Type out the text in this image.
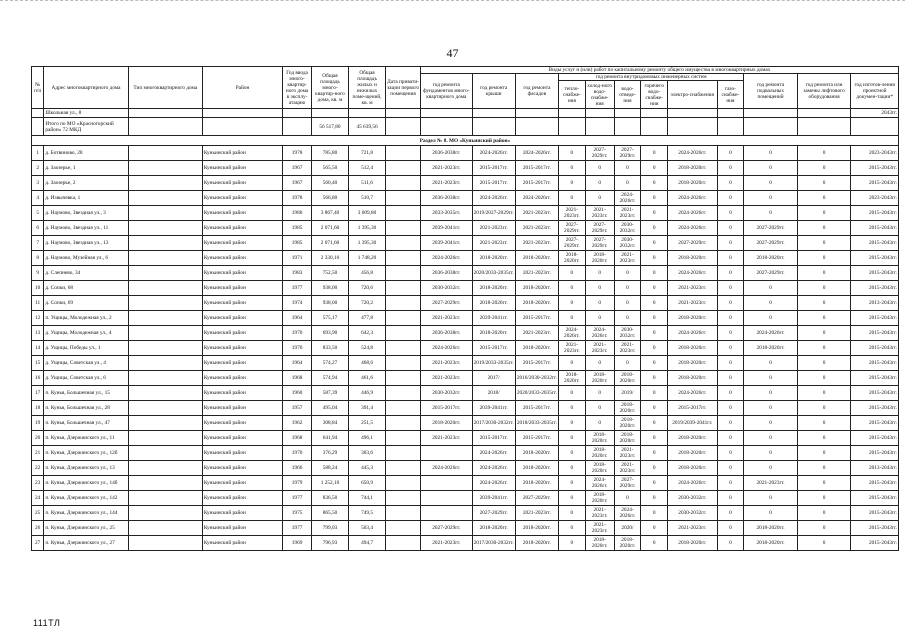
47
№ п/п	Адрес многоквартирного дома	Тип многоквартирного дома	Район	Год ввода много-квартир-ного дома в эксплу-атацию	Общая площадь много-квартир-ного дома, кв. м	Общая площадь жилых и нежилых поме-щений, кв. м	Дата привати-зации первого помещения	Виды услуг и (или) работ по капитальному ремонту общего имущества в многоквартирных домах											
								год ремонта фундаментов много-квартирного дома	год ремонта крыши	год ремонта фасадов	год ремонта внутридомовых инженерных систем						год ремонта подвальных помещений	год ремонта или замены лифтового оборудования	год изготов-ления проектной докумен-тации*
											тепло-снабже-ния	холод-ного водо-снабже-ния	водо-отведе-ния	горячего водо-снабже-ния	электро-снабжения	газо-снабже-ния			
	Школьная ул., 8																		2043гг.
	Итого по МО «Красногорский район» 72 МКД				56 517,80	45 639,56													
Раздел № 8. МО «Куньинский район»																			
1	д. Ботвиново, 28		Куньинский район	1978	785,80	721,8		2036-2038гг.	2024-2026гг.	2024-2026гг.	0	2027-2029гг.	2027-2029гг.	0	2024-2026гг.	0	0	0	2023-2043гг.
2	д. Заозерье, 1		Куньинский район	1967	565,50	512,4		2021-2023гг.	2015-2017гг.	2015-2017гг.	0	0	0	0	2018-2020гг.	0	0	0	2015-2043гг.
3	д. Заозерье, 2		Куньинский район	1967	560,40	511,6		2021-2023гг.	2015-2017гг.	2015-2017гг.	0	0	0	0	2018-2020гг.	0	0	0	2015-2043гг.
4	д. Извычевка, 1		Куньинский район	1978	566,80	510,7		2036-2038гг.	2024-2026гг.	2024-2026гг.	0	0	2024-2026гг.	0	2024-2026гг.	0	0	0	2023-2043гг.
5	д. Наумово, Звездная ул., 3		Куньинский район	1980	3 867,40	3 009,80		2033-2035гг.	2019/2027-2029гг.	2021-2023гг.	2021-2023гг.	2021-2023гг.	2021-2023гг.	0	2024-2026гг.	0	0	0	2015-2043гг.
6	д. Наумово, Звездная ул., 11		Куньинский район	1985	2 071,60	1 395,30		2039-2041гг.	2021-2023гг.	2021-2023гг.	2027-2029гг.	2027-2029гг.	2030-2032гг.	0	2024-2026гг.	0	2027-2029гг.	0	2015-2043гг.
7	д. Наумово, Звездная ул., 13		Куньинский район	1985	2 071,60	1 395,30		2039-2041гг.	2021-2023гг.	2021-2023гг.	2027-2029гг.	2027-2029гг.	2030-2032гг.	0	2027-2029гг.	0	2027-2029гг.	0	2015-2043гг.
8	д. Наумово, Музейная ул., 6		Куньинский район	1971	2 330,10	1 748,20		2024-2026гг.	2018-2020гг.	2018-2020гг.	2018-2020гг.	2018-2020гг.	2021-2023гг.	0	2018-2020гг.	0	2018-2020гг.	0	2015-2043гг.
9	д. Слепнево, 34		Куньинский район	1983	752,50	456,8		2036-2038гг.	2020/2033-2035гг.	2021-2023гг.	0	0	0	0	2024-2026гг.	0	2027-2029гг.	0	2015-2043гг.
10	д. Сопки, 68		Куньинский район	1977	938,00	720,6		2030-2032гг.	2018-2020гг.	2018-2020гг.	0	0	0	0	2021-2023гг.	0	0	0	2015-2043гг.
11	д. Сопки, 69		Куньинский район	1974	938,00	720,2		2027-2029гг.	2018-2020гг.	2018-2020гг.	0	0	0	0	2021-2023гг.	0	0	0	2013-2043гг.
12	п. Ущицы, Молодежная ул., 2		Куньинский район	1964	575,17	477,8		2021-2023гг.	2039-2041гг.	2015-2017гг.	0	0	0	0	2018-2020гг.	0	0	0	2015-2043гг.
13	д. Ущицы, Молодежная ул., 4		Куньинский район	1970	693,90	642,3		2036-2038гг.	2018-2020гг.	2021-2023гг.	2024-2026гг.	2024-2026гг.	2030-2032гг.	0	2024-2026гг.	0	2024-2026гг.	0	2015-2043гг.
14	д. Ущицы, Победы ул., 1		Куньинский район	1970	833,50	524,8		2024-2026гг.	2015-2017гг.	2018-2020гг.	2021-2023гг.	2021-2023гг.	2021-2023гг.	0	2018-2020гг.	0	2018-2020гг.	0	2015-2043гг.
15	д. Ущицы, Советская ул., 4		Куньинский район	1964	574,27	468,6		2021-2023гг.	2019/2033-2035гг.	2015-2017гг.	0	0	0	0	2018-2020гг.	0	0	0	2015-2043гг.
16	д. Ущицы, Советская ул., 6		Куньинский район	1968	574,94	461,6		2021-2023гг.	2017/	2016/2030-2032гг.	2018-2020гг.	2018-2020гг.	2018-2020гг.	0	2018-2020гг.	0	0	0	2015-2043гг.
17	п. Кунья, Большечная ул., 15		Куньинский район	1960	587,39	446,9		2030-2032гг.	2018/	2020/2033-2035гг.	0	0	2019/	0	2024-2026гг.	0	0	0	2015-2043гг.
18	п. Кунья, Большечная ул., 28		Куньинский район	1957	495,04	391,4		2015-2017гг.	2039-2041гг.	2015-2017гг.	0	0	2018-2020гг.	0	2015-2017гг.	0	0	0	2015-2043гг.
19	п. Кунья, Большечная ул., 47		Куньинский район	1962	308,84	251,5		2018-2020гг.	2017/2030-2032гг.	2018/2033-2035гг.	0	0	2018-2020гг.	0	2019/2039-2041гг.	0	0	0	2015-2043гг.
20	п. Кунья, Дзержинского ул., 11		Куньинский район	1968	641,94	496,1		2021-2023гг.	2015-2017гг.	2015-2017гг.	0	2018-2020гг.	2018-2020гг.	0	2018-2020гг.	0	0	0	2015-2043гг.
21	п. Кунья, Дзержинского ул., 12б		Куньинский район	1970	376,29	303,6			2024-2026гг.	2018-2020гг.	0	2018-2020гг.	2021-2023гг.	0	2018-2020гг.	0	0	0	2015-2043гг.
22	п. Кунья, Дзержинского ул., 13		Куньинский район	1966	588,24	445,3		2024-2026гг.	2024-2026гг.	2018-2020гг.	0	2018-2020гг.	2021-2023гг.	0	2018-2020гг.	0	0	0	2013-2043гг.
23	п. Кунья, Дзержинского ул., 14б		Куньинский район	1979	1 252,10	650,9			2024-2026гг.	2018-2020гг.	0	2024-2026гг.	2027-2029гг.	0	2024-2026гг.	0	2021-2023гг.	0	2015-2043гг.
24	п. Кунья, Дзержинского ул., 142		Куньинский район	1977	836,50	744,1			2039-2041гг.	2027-2029гг.	0	2018-2020гг.	0	0	2030-2032гг.	0	0	0	2015-2043гг.
25	п. Кунья, Дзержинского ул., 144		Куньинский район	1975	865,50	749,5			2027-2029гг.	2021-2023гг.	0	2021-2023гг.	2024-2026гг.	0	2030-2032гг.	0	0	0	2015-2043гг.
26	п. Кунья, Дзержинского ул., 25		Куньинский район	1977	799,03	503,4		2027-2029гг.	2018-2020гг.	2018-2020гг.	0	2021-2023гг.	2020/	0	2021-2023гг.	0	2018-2020гг.	0	2015-2043гг.
27	п. Кунья, Дзержинского ул., 27		Куньинский район	1969	796,93	494,7		2021-2023гг.	2017/2030-2032гг.	2018-2020гг.	0	2018-2020гг.	2018-2020гг.	0	2018-2020гг.	0	2018-2020гг.	0	2015-2043гг.
111ТЛ
